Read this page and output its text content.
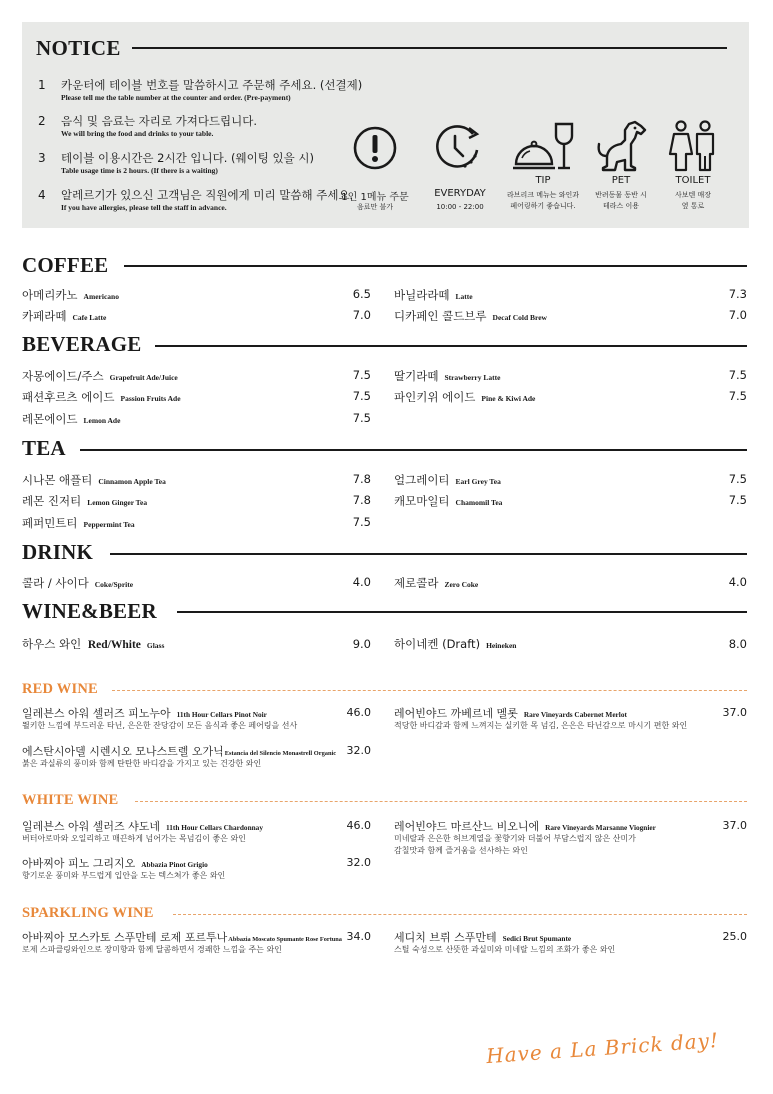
NOTICE
1 카운터에 테이블 번호를 말씀하시고 주문해 주세요. (선결제)
Please tell me the table number at the counter and order. (Pre-payment)
2 음식 및 음료는 자리로 가져다드립니다.
We will bring the food and drinks to your table.
3 테이블 이용시간은 2시간 입니다. (웨이팅 있을 시)
Table usage time is 2 hours. (If there is a waiting)
4 알레르기가 있으신 고객님은 직원에게 미리 말씀해 주세요.
If you have allergies, please tell the staff in advance.
1인 1메뉴 주문
음료만 불가
EVERYDAY
10:00 - 22:00
TIP
라브리크 메뉴는 와인과
페어링하기 좋습니다.
PET
반려동물 동반 시
테라스 이용
TOILET
사보텐 매장
옆 통로
COFFEE
아메리카노 Americano	6.5
카페라떼 Cafe Latte	7.0
바닐라라떼 Latte	7.3
디카페인 콜드브루 Decaf Cold Brew	7.0
BEVERAGE
자몽에이드/주스 Grapefruit Ade/Juice	7.5
패션후르츠 에이드 Passion Fruits Ade	7.5
레몬에이드 Lemon Ade	7.5
딸기라떼 Strawberry Latte	7.5
파인키위 에이드 Pine & Kiwi Ade	7.5
TEA
시나몬 애플티 Cinnamon Apple Tea	7.8
레몬 진저티 Lemon Ginger Tea	7.8
페퍼민트티 Peppermint Tea	7.5
얼그레이티 Earl Grey Tea	7.5
캐모마일티 Chamomil Tea	7.5
DRINK
콜라 / 사이다 Coke/Sprite	4.0 제로콜라 Zero Coke	4.0
WINE&BEER
하우스 와인 Red/White Glass	9.0 하이네켄 (Draft) Heineken	8.0
RED WINE
일레븐스 아워 셀러즈 피노누아 11th Hour Cellars Pinot Noir	46.0
뛸키한 느낌에 부드러운 타닌, 은은한 잔당감이 모든 음식과 좋은 페어링을 선사
레어빈야드 까베르네 멜롯 Rare Vineyards Cabernet Merlot	37.0
적당한 바디감과 함께 느껴지는 실키한 목 넘김, 은은은 타닌감으로 마시기 편한 와인
에스탄시아델 시렌시오 모나스트렐 오가닉Estancia del Silencio Monastrell Organic 32.0
붉은 과실류의 풍미와 함께 탄탄한 바디감을 가지고 있는 건강한 와인
WHITE WINE
일레븐스 아워 셀러즈 샤도네 11th Hour Cellars Chardonnay	46.0
버터아로마와 오일리하고 매끈하게 넘어가는 목넘김이 좋은 와인
레어빈야드 마르산느 비오니에 Rare Vineyards Marsanne Viognier	37.0
미네랄과 은은한 허브계열을 꽃향기와 더불어 부담스럽지 않은 산미가
감칠맛과 함께 즐거움을 선사하는 와인
아바찌아 피노 그리지오 Abbazia Pinot Grigio	32.0
향기로운 풍미와 부드럽게 입안을 도는 텍스쳐가 좋은 와인
SPARKLING WINE
아바찌아 모스카토 스푸만테 로제 포르투나Abbazia Moscato Spumante Rose Fortuna 34.0
로제 스파클링와인으로 장미향과 함께 달콤하면서 경쾌한 느낌을 주는 와인
세디치 브뤼 스푸만테 Sedici Brut Spumante	25.0
스틸 숙성으로 산뜻한 과실미와 미네랄 느낌의 조화가 좋은 와인
Have a La Brick day!
